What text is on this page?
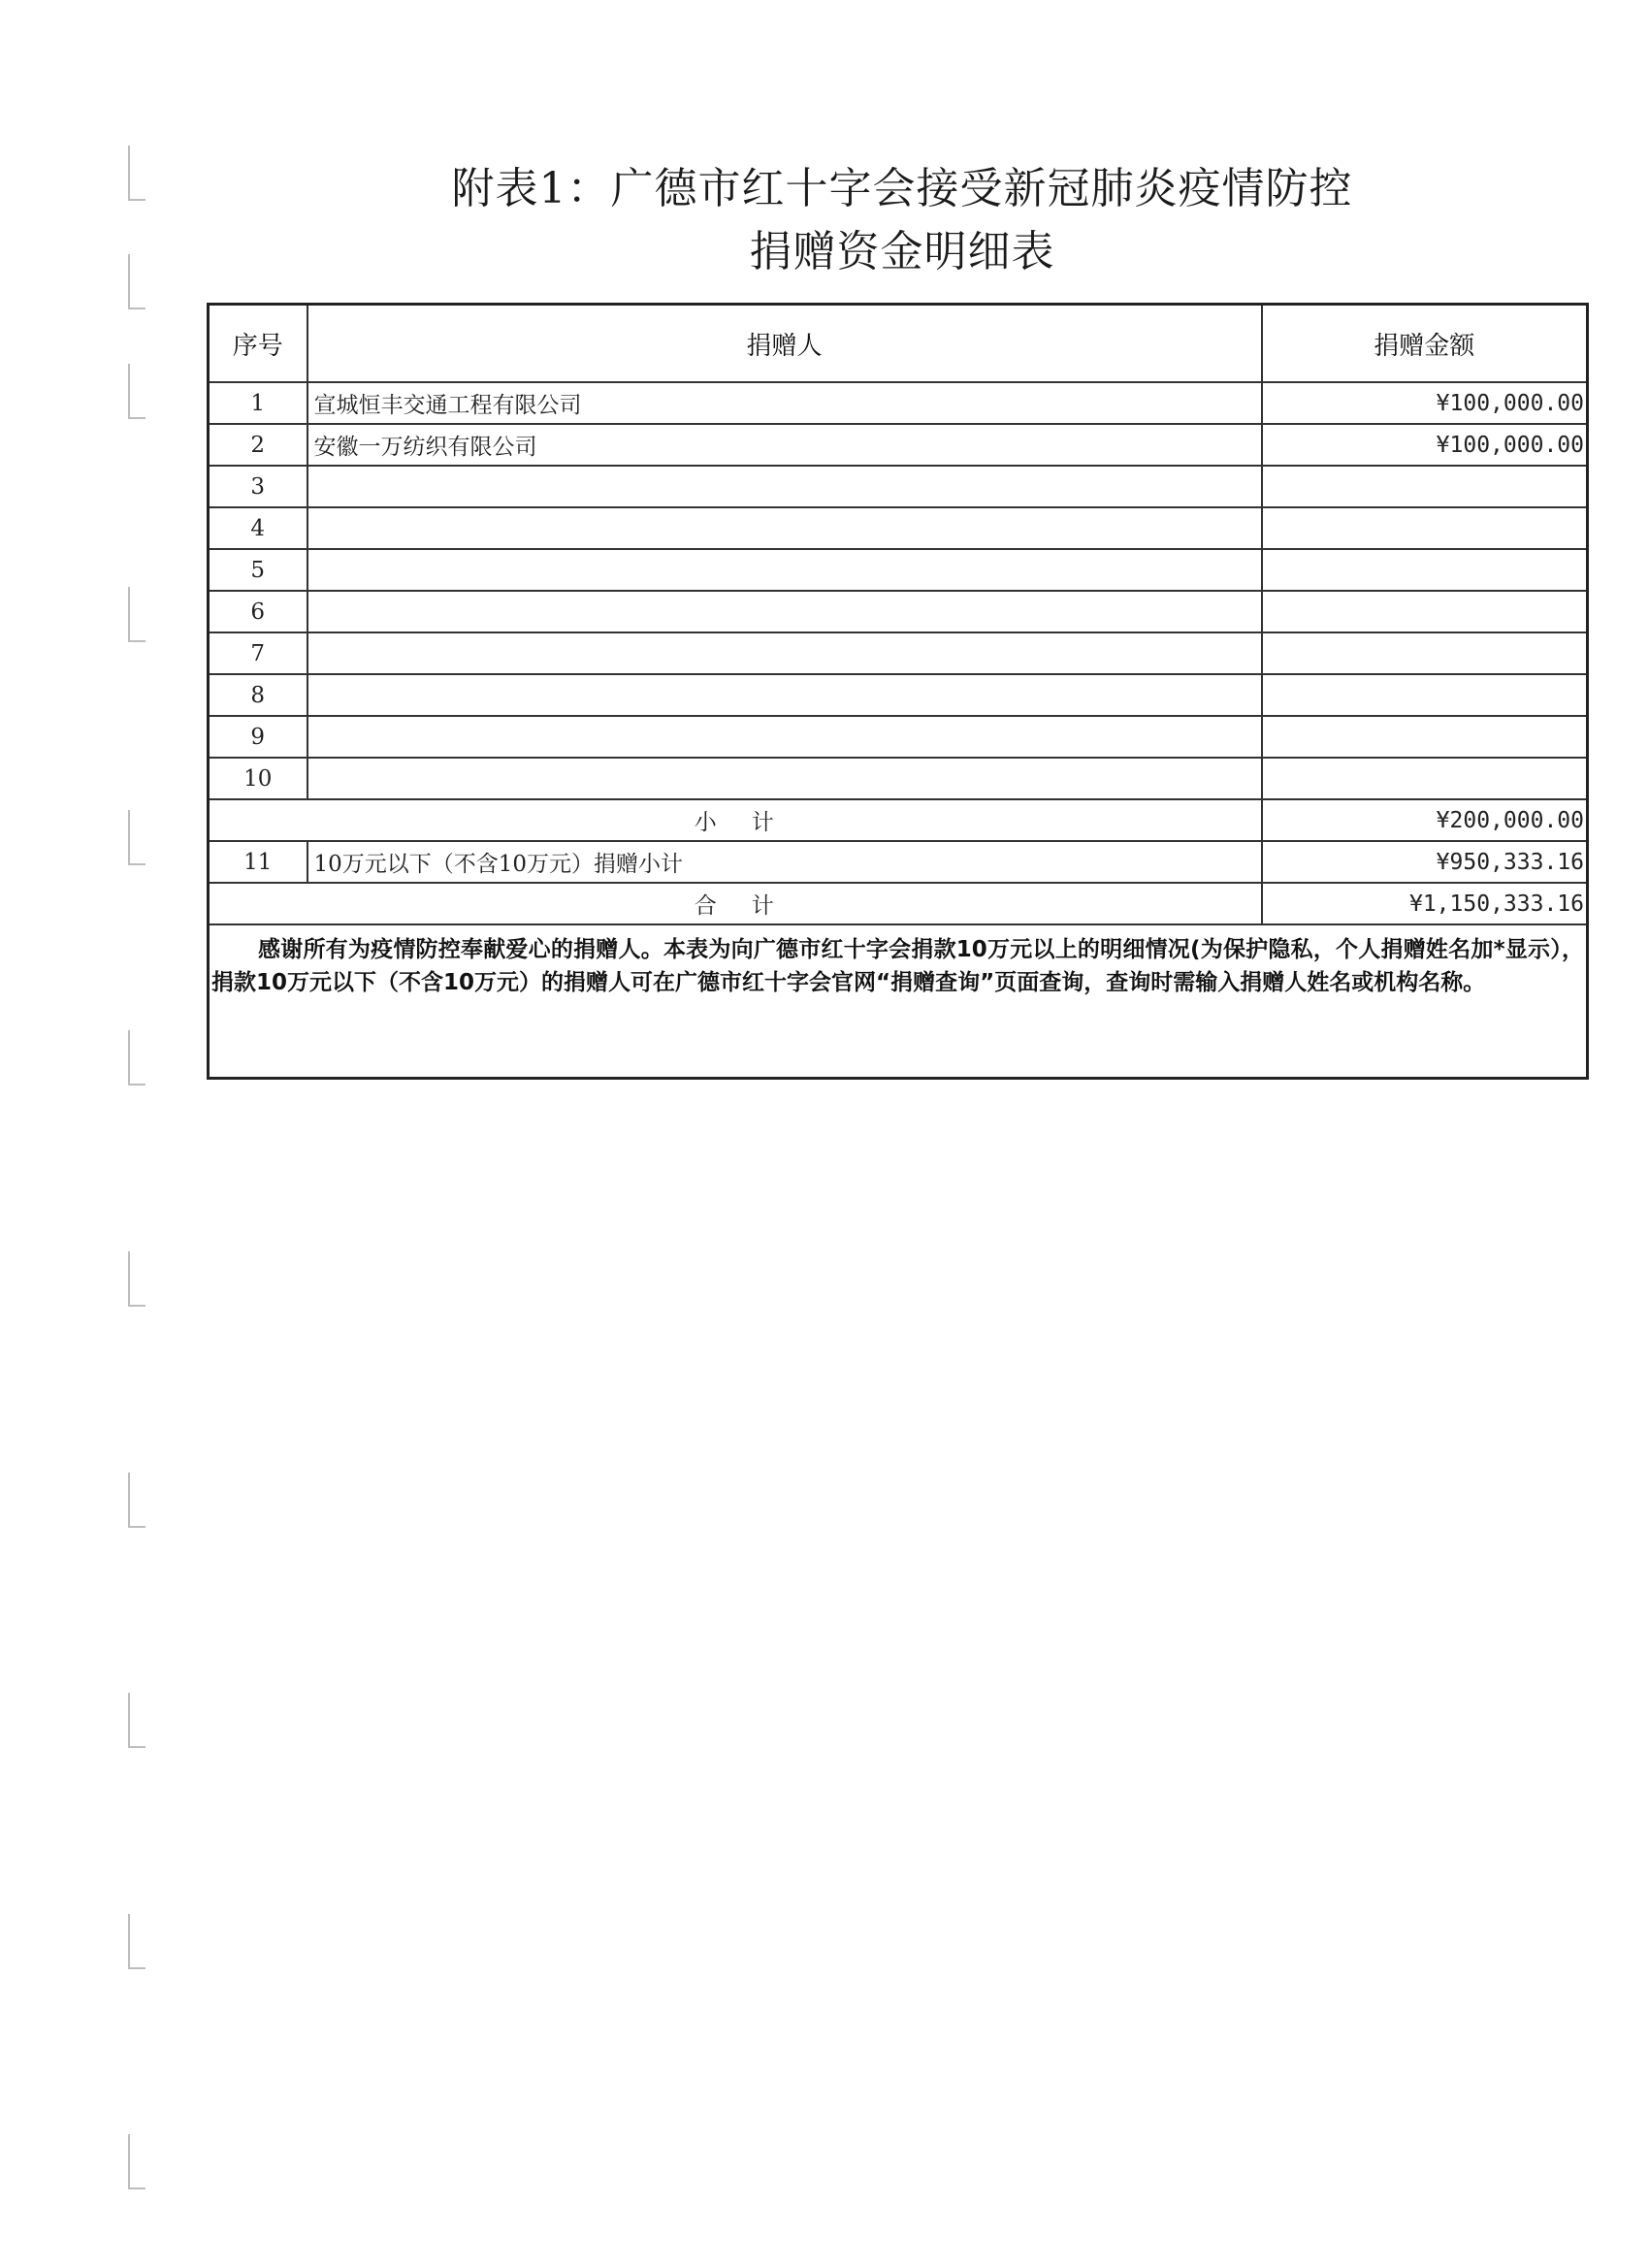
附表1：广德市红十字会接受新冠肺炎疫情防控
捐赠资金明细表
序号	捐赠人	捐赠金额
1	宣城恒丰交通工程有限公司	¥100,000.00
2	安徽一万纺织有限公司	¥100,000.00
3		
4		
5		
6		
7		
8		
9		
10		
小 计		¥200,000.00
11	10万元以下（不含10万元）捐赠小计	¥950,333.16
合 计		¥1,150,333.16
感谢所有为疫情防控奉献爱心的捐赠人。本表为向广德市红十字会捐款10万元以上的明细情况(为保护隐私，个人捐赠姓名加*显示），捐款10万元以下（不含10万元）的捐赠人可在广德市红十字会官网“捐赠查询”页面查询，查询时需输入捐赠人姓名或机构名称。		
